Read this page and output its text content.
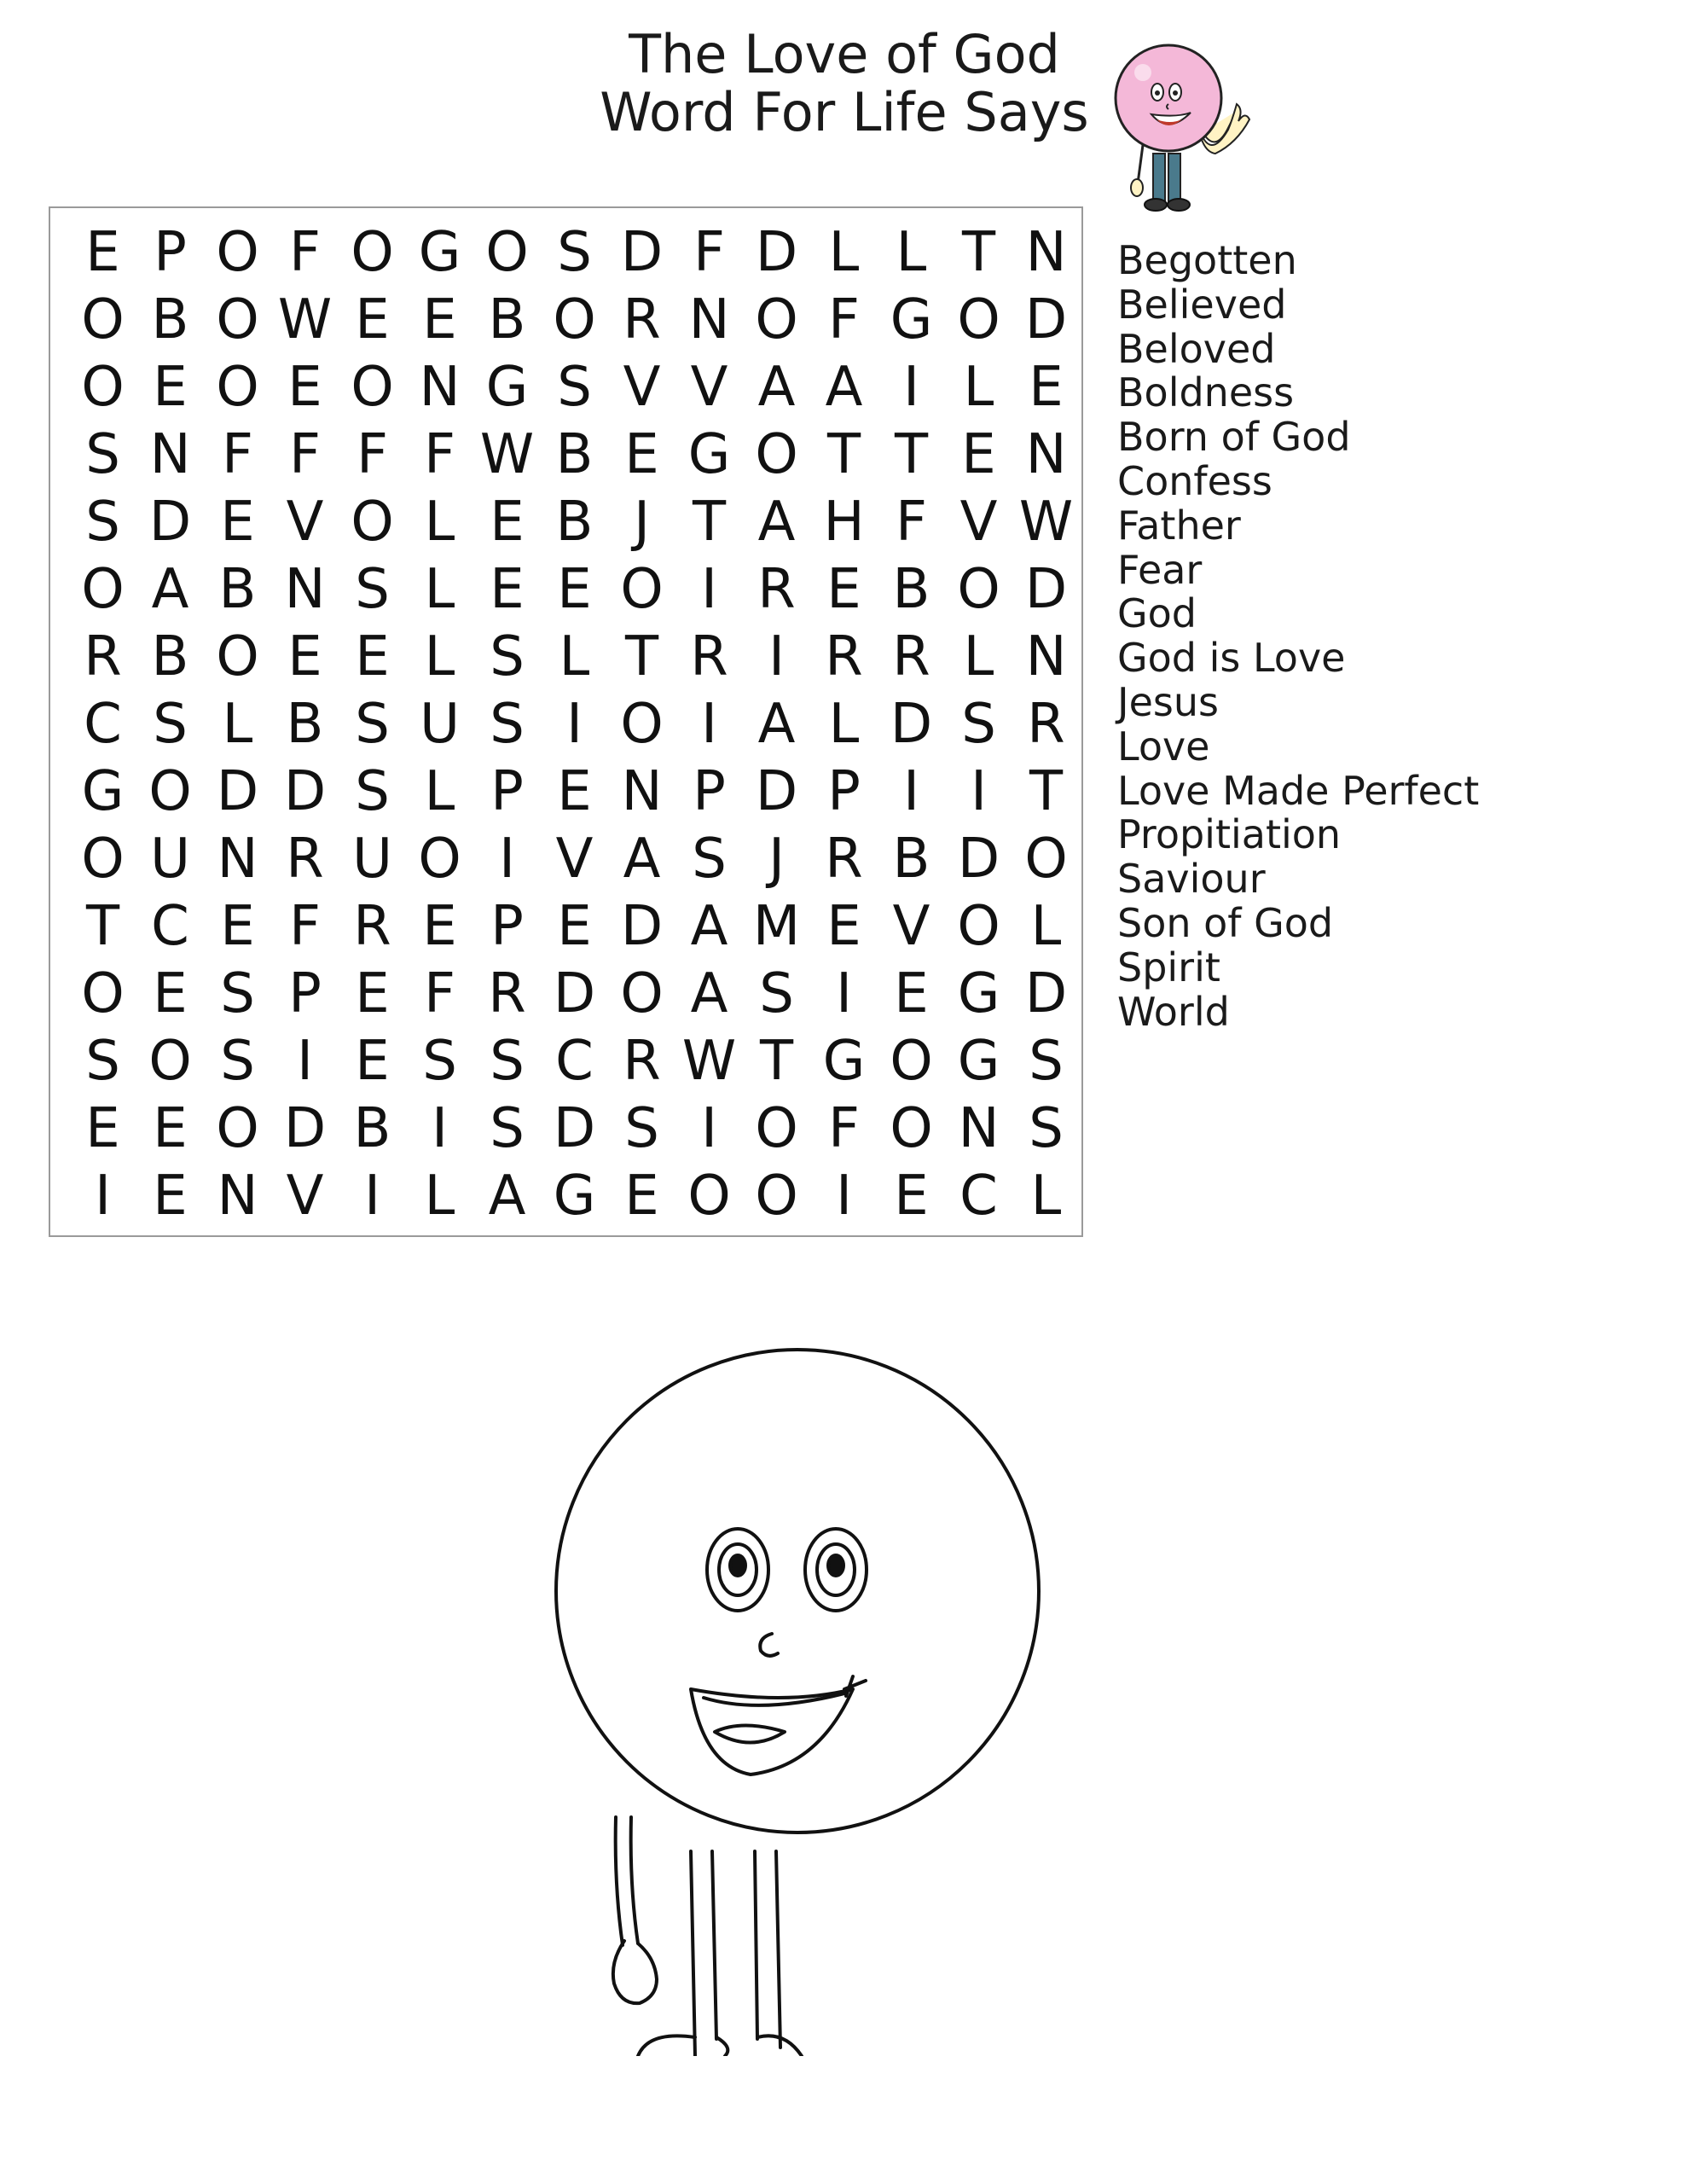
The Love of God
Word For Life Says
E P O F O G O S D F D L L T N
O B O W E E B O R N O F G O D
O E O E O N G S V V A A I L E
S N F F F F W B E G O T T E N
S D E V O L E B J T A H F V W
O A B N S L E E O I R E B O D
R B O E E L S L T R I R R L N
C S L B S U S I O I A L D S R
G O D D S L P E N P D P I I T
O U N R U O I V A S J R B D O
T C E F R E P E D A M E V O L
O E S P E F R D O A S I E G D
S O S I E S S C R W T G O G S
E E O D B I S D S I O F O N S
I E N V I L A G E O O I E C L
Begotten
Believed
Beloved
Boldness
Born of God
Confess
Father
Fear
God
God is Love
Jesus
Love
Love Made Perfect
Propitiation
Saviour
Son of God
Spirit
World
